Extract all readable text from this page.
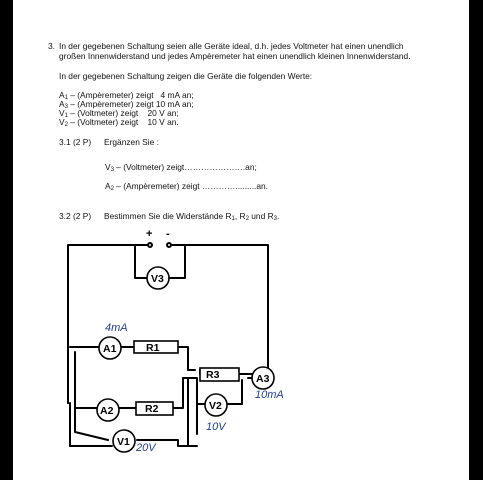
3. In der gegebenen Schaltung seien alle Geräte ideal, d.h. jedes Voltmeter hat einen unendlich
großen Innenwiderstand und jedes Ampèremeter hat einen unendlich kleinen Innenwiderstand.
In der gegebenen Schaltung zeigen die Geräte die folgenden Werte:
$A_1$ – (Ampèremeter) zeigt   4 mA an;
$A_3$ – (Ampèremeter) zeigt 10 mA an;
$V_1$ – (Voltmeter) zeigt    20 V an;
$V_2$ – (Voltmeter) zeigt    10 V an.
3.1 (2 P) Ergänzen Sie :
$V_3$ – (Voltmeter) zeigt………………….an;
$A_2$ – (Ampèremeter) zeigt ………….........an.
3.2 (2 P) Bestimmen Sie die Widerstände $R_1$, $R_2$ und $R_3$.
V3
A1	R1
R3	A3
A2	R2	V2
V1
+ -
4mA
10mA
10V
20V
